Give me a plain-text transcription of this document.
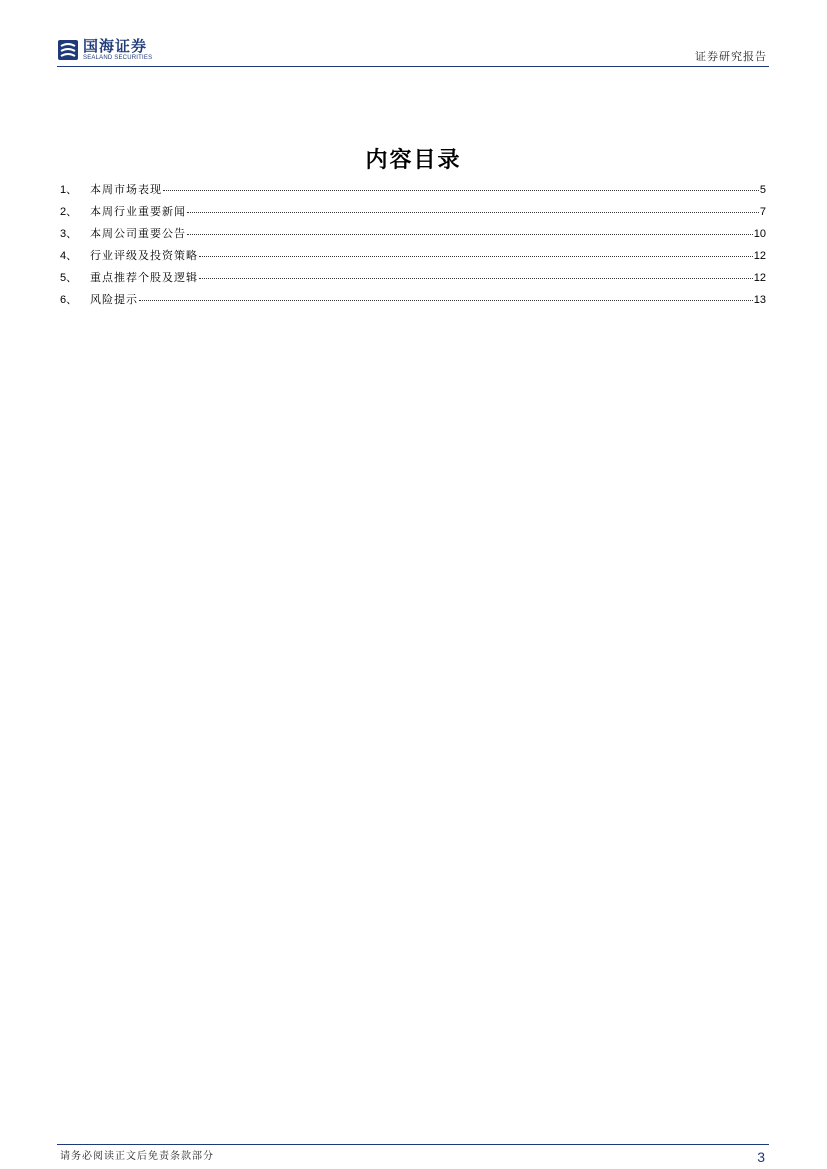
国海证券
SEALAND SECURITIES	证券研究报告
内容目录
1、	本周市场表现	5
2、	本周行业重要新闻	7
3、	本周公司重要公告	10
4、	行业评级及投资策略	12
5、	重点推荐个股及逻辑	12
6、	风险提示	13
请务必阅读正文后免责条款部分	3
